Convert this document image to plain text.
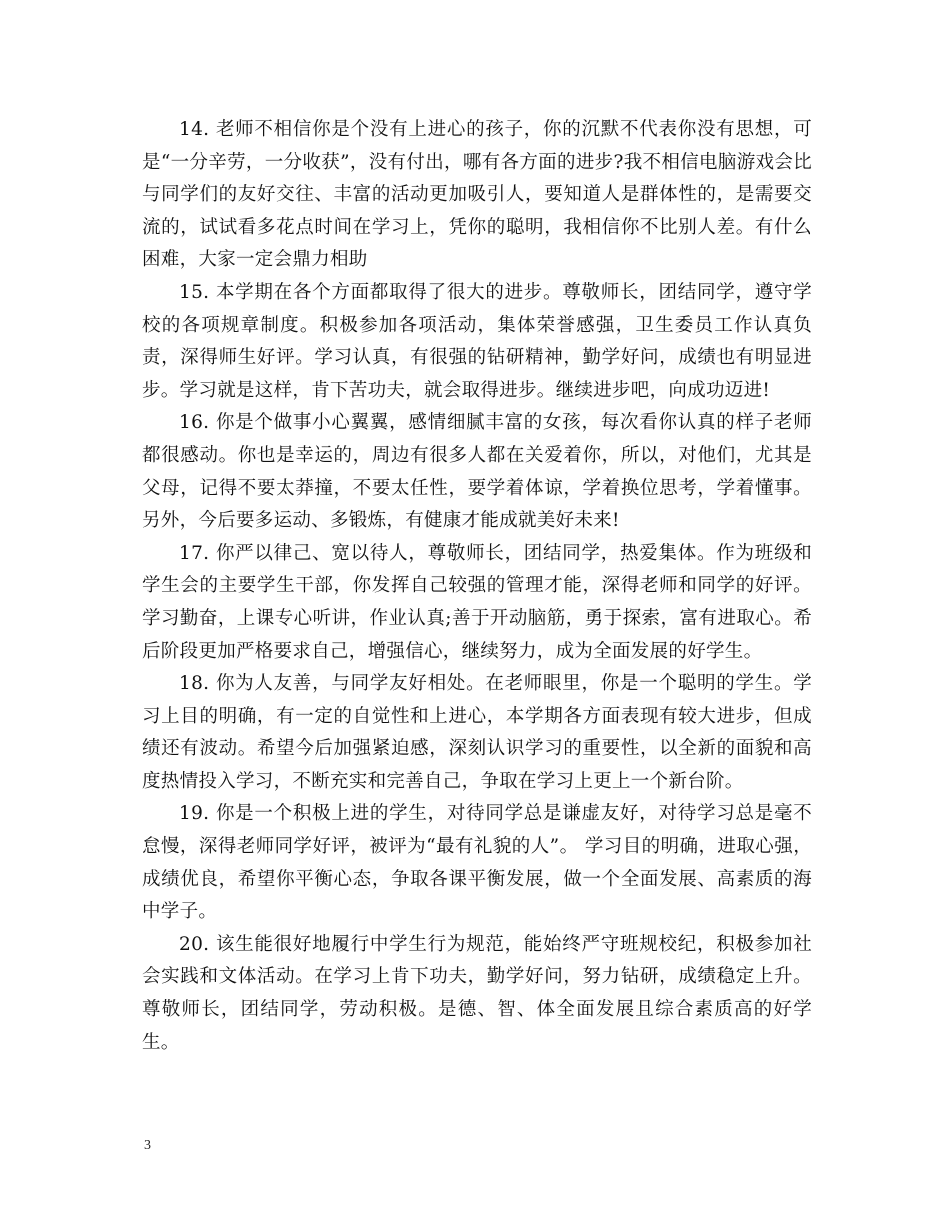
14. 老师不相信你是个没有上进心的孩子，你的沉默不代表你没有思想，可是“一分辛劳，一分收获”，没有付出，哪有各方面的进步?我不相信电脑游戏会比与同学们的友好交往、丰富的活动更加吸引人，要知道人是群体性的，是需要交流的，试试看多花点时间在学习上，凭你的聪明，我相信你不比别人差。有什么困难，大家一定会鼎力相助

15. 本学期在各个方面都取得了很大的进步。尊敬师长，团结同学，遵守学校的各项规章制度。积极参加各项活动，集体荣誉感强，卫生委员工作认真负责，深得师生好评。学习认真，有很强的钻研精神，勤学好问，成绩也有明显进步。学习就是这样，肯下苦功夫，就会取得进步。继续进步吧，向成功迈进!

16. 你是个做事小心翼翼，感情细腻丰富的女孩，每次看你认真的样子老师都很感动。你也是幸运的，周边有很多人都在关爱着你，所以，对他们，尤其是父母，记得不要太莽撞，不要太任性，要学着体谅，学着换位思考，学着懂事。另外，今后要多运动、多锻炼，有健康才能成就美好未来!

17. 你严以律己、宽以待人，尊敬师长，团结同学，热爱集体。作为班级和学生会的主要学生干部，你发挥自己较强的管理才能，深得老师和同学的好评。学习勤奋，上课专心听讲，作业认真;善于开动脑筋，勇于探索，富有进取心。希后阶段更加严格要求自己，增强信心，继续努力，成为全面发展的好学生。

18. 你为人友善，与同学友好相处。在老师眼里，你是一个聪明的学生。学习上目的明确，有一定的自觉性和上进心，本学期各方面表现有较大进步，但成绩还有波动。希望今后加强紧迫感，深刻认识学习的重要性，以全新的面貌和高度热情投入学习，不断充实和完善自己，争取在学习上更上一个新台阶。

19. 你是一个积极上进的学生，对待同学总是谦虚友好，对待学习总是毫不怠慢，深得老师同学好评，被评为“最有礼貌的人”。 学习目的明确，进取心强，成绩优良，希望你平衡心态，争取各课平衡发展，做一个全面发展、高素质的海中学子。

20. 该生能很好地履行中学生行为规范，能始终严守班规校纪，积极参加社会实践和文体活动。在学习上肯下功夫，勤学好问，努力钻研，成绩稳定上升。尊敬师长，团结同学，劳动积极。是德、智、体全面发展且综合素质高的好学生。

3
